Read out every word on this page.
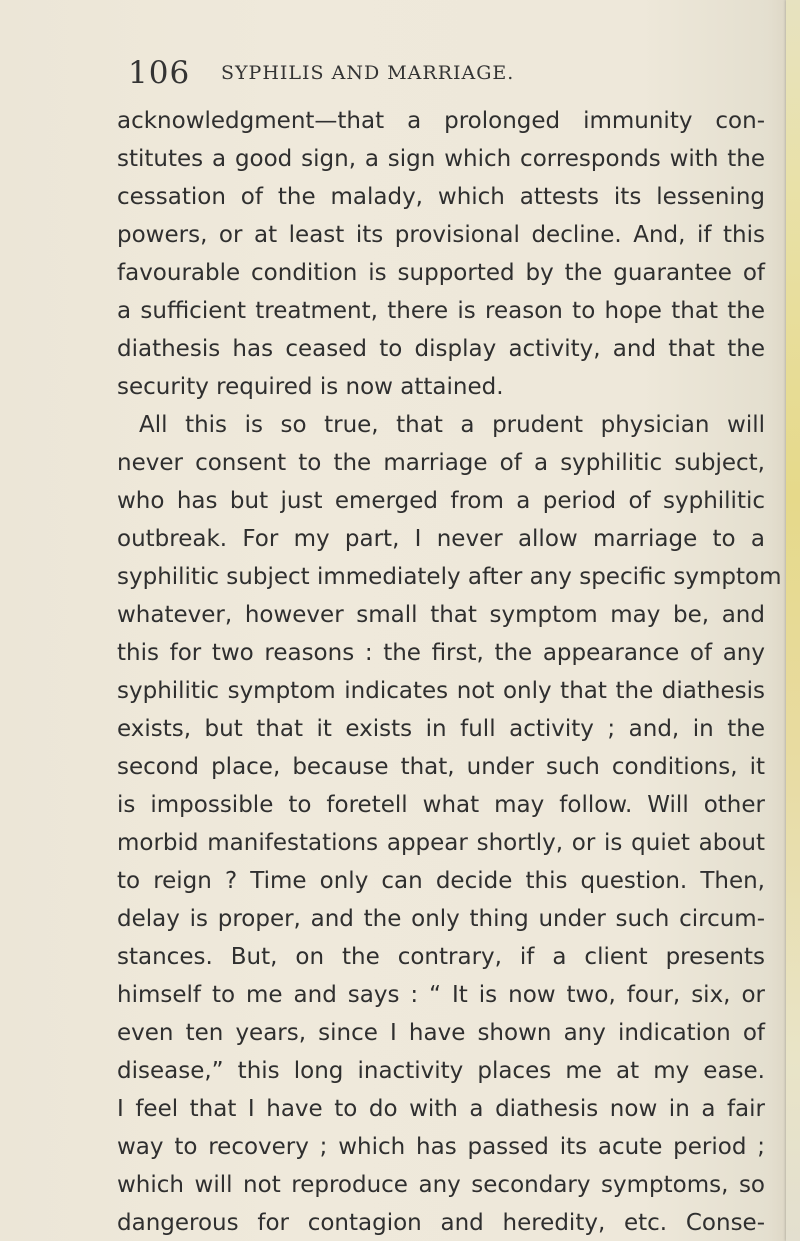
106 SYPHILIS AND MARRIAGE.
acknowledgment—that a prolonged immunity con-
stitutes a good sign, a sign which corresponds with the
cessation of the malady, which attests its lessening
powers, or at least its provisional decline. And, if this
favourable condition is supported by the guarantee of
a sufficient treatment, there is reason to hope that the
diathesis has ceased to display activity, and that the
security required is now attained.
All this is so true, that a prudent physician will
never consent to the marriage of a syphilitic subject,
who has but just emerged from a period of syphilitic
outbreak. For my part, I never allow marriage to a
syphilitic subject immediately after any specific symptom
whatever, however small that symptom may be, and
this for two reasons : the first, the appearance of any
syphilitic symptom indicates not only that the diathesis
exists, but that it exists in full activity ; and, in the
second place, because that, under such conditions, it
is impossible to foretell what may follow. Will other
morbid manifestations appear shortly, or is quiet about
to reign ? Time only can decide this question. Then,
delay is proper, and the only thing under such circum-
stances. But, on the contrary, if a client presents
himself to me and says : “ It is now two, four, six, or
even ten years, since I have shown any indication of
disease,” this long inactivity places me at my ease.
I feel that I have to do with a diathesis now in a fair
way to recovery ; which has passed its acute period ;
which will not reproduce any secondary symptoms, so
dangerous for contagion and heredity, etc. Conse-
